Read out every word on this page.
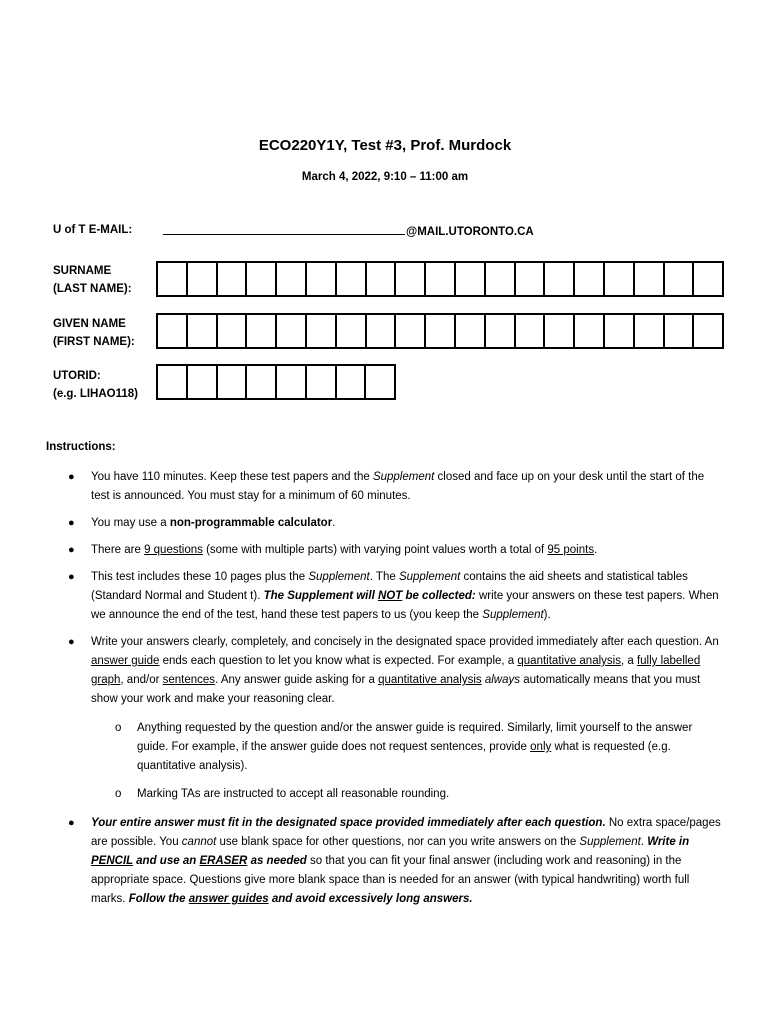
ECO220Y1Y, Test #3, Prof. Murdock
March 4, 2022, 9:10 – 11:00 am
U of T E-MAIL:	@MAIL.UTORONTO.CA
SURNAME
(LAST NAME):
GIVEN NAME
(FIRST NAME):
UTORID:
(e.g. LIHAO118)
Instructions:
● You have 110 minutes. Keep these test papers and the Supplement closed and face up on your desk until the start of the test is announced. You must stay for a minimum of 60 minutes.
● You may use a non-programmable calculator.
● There are 9 questions (some with multiple parts) with varying point values worth a total of 95 points.
● This test includes these 10 pages plus the Supplement. The Supplement contains the aid sheets and statistical tables (Standard Normal and Student t). The Supplement will NOT be collected: write your answers on these test papers. When we announce the end of the test, hand these test papers to us (you keep the Supplement).
● Write your answers clearly, completely, and concisely in the designated space provided immediately after each question. An answer guide ends each question to let you know what is expected. For example, a quantitative analysis, a fully labelled graph, and/or sentences. Any answer guide asking for a quantitative analysis always automatically means that you must show your work and make your reasoning clear.
o Anything requested by the question and/or the answer guide is required. Similarly, limit yourself to the answer guide. For example, if the answer guide does not request sentences, provide only what is requested (e.g. quantitative analysis).
o Marking TAs are instructed to accept all reasonable rounding.
● Your entire answer must fit in the designated space provided immediately after each question. No extra space/pages are possible. You cannot use blank space for other questions, nor can you write answers on the Supplement. Write in PENCIL and use an ERASER as needed so that you can fit your final answer (including work and reasoning) in the appropriate space. Questions give more blank space than is needed for an answer (with typical handwriting) worth full marks. Follow the answer guides and avoid excessively long answers.
